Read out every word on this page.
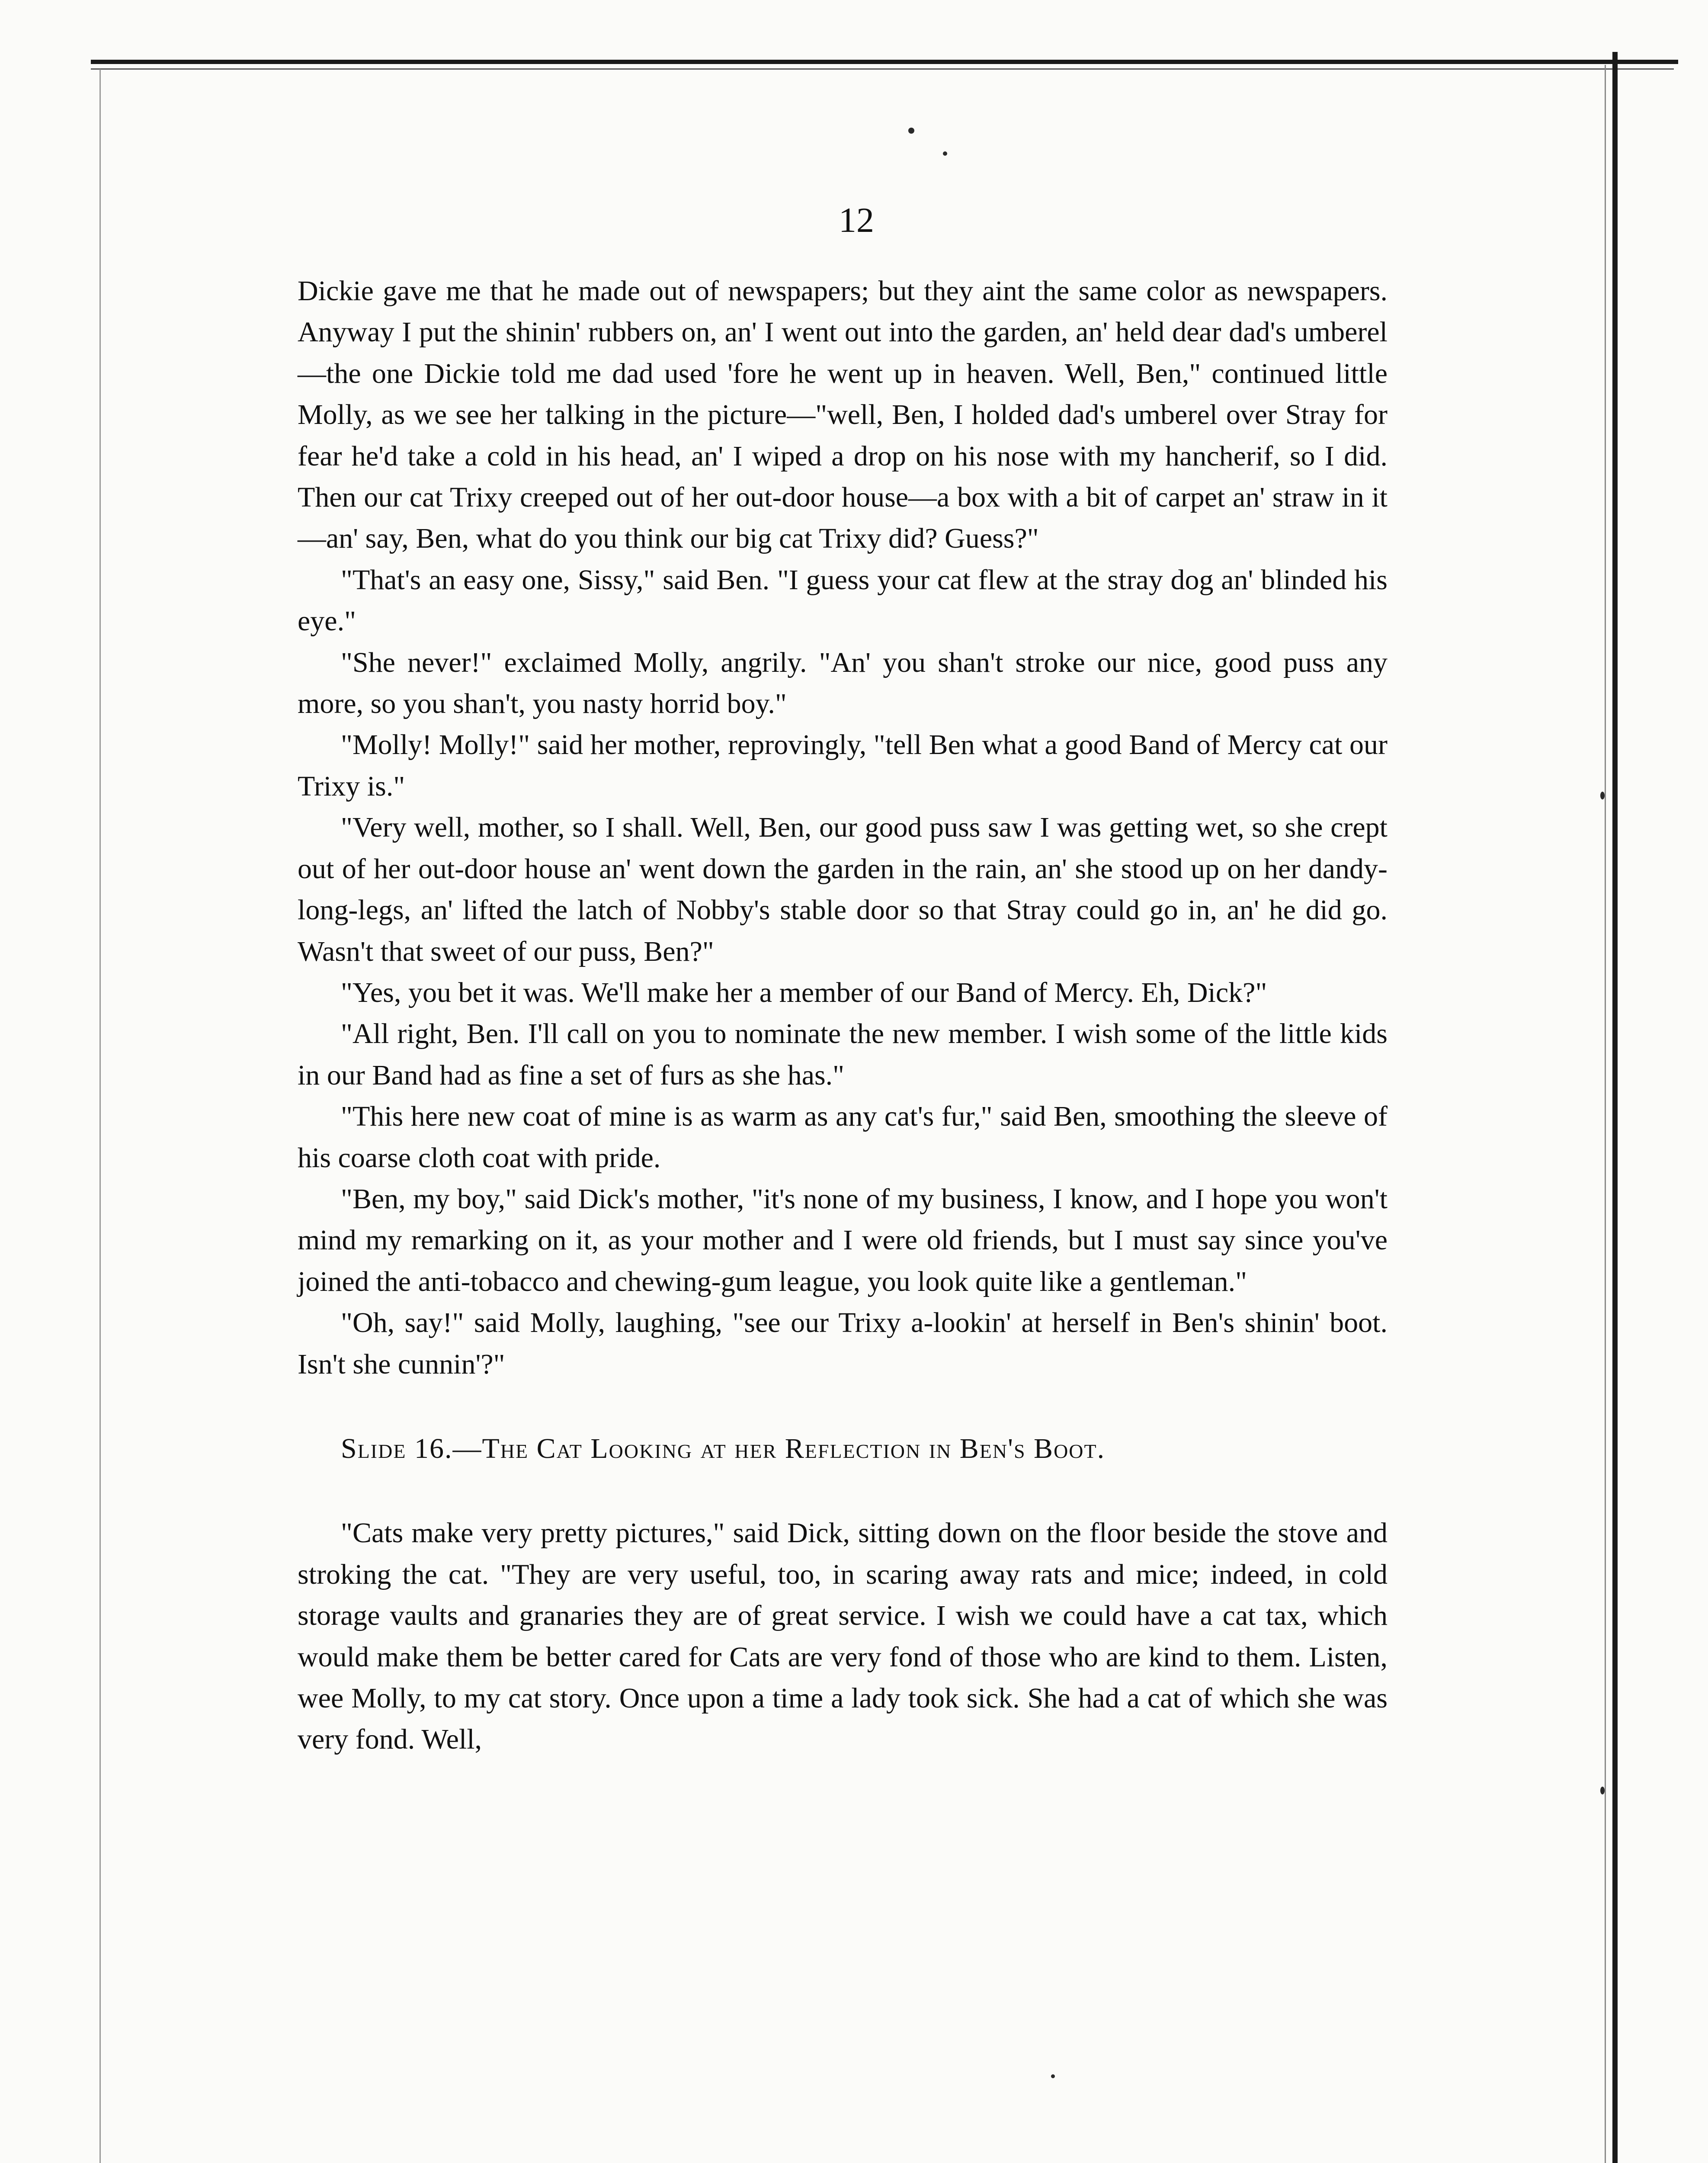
12

Dickie gave me that he made out of newspapers; but they aint the same color as newspapers. Anyway I put the shinin' rubbers on, an' I went out into the garden, an' held dear dad's umberel—the one Dickie told me dad used 'fore he went up in heaven. Well, Ben," continued little Molly, as we see her talking in the picture—"well, Ben, I holded dad's umberel over Stray for fear he'd take a cold in his head, an' I wiped a drop on his nose with my hancherif, so I did. Then our cat Trixy creeped out of her out-door house—a box with a bit of carpet an' straw in it—an' say, Ben, what do you think our big cat Trixy did? Guess?"

"That's an easy one, Sissy," said Ben. "I guess your cat flew at the stray dog an' blinded his eye."

"She never!" exclaimed Molly, angrily. "An' you shan't stroke our nice, good puss any more, so you shan't, you nasty horrid boy."

"Molly! Molly!" said her mother, reprovingly, "tell Ben what a good Band of Mercy cat our Trixy is."

"Very well, mother, so I shall. Well, Ben, our good puss saw I was getting wet, so she crept out of her out-door house an' went down the garden in the rain, an' she stood up on her dandy-long-legs, an' lifted the latch of Nobby's stable door so that Stray could go in, an' he did go. Wasn't that sweet of our puss, Ben?"

"Yes, you bet it was. We'll make her a member of our Band of Mercy. Eh, Dick?"

"All right, Ben. I'll call on you to nominate the new member. I wish some of the little kids in our Band had as fine a set of furs as she has."

"This here new coat of mine is as warm as any cat's fur," said Ben, smoothing the sleeve of his coarse cloth coat with pride.

"Ben, my boy," said Dick's mother, "it's none of my business, I know, and I hope you won't mind my remarking on it, as your mother and I were old friends, but I must say since you've joined the anti-tobacco and chewing-gum league, you look quite like a gentleman."

"Oh, say!" said Molly, laughing, "see our Trixy a-lookin' at herself in Ben's shinin' boot. Isn't she cunnin'?"

Slide 16.—The Cat Looking at her Reflection in Ben's Boot.

"Cats make very pretty pictures," said Dick, sitting down on the floor beside the stove and stroking the cat. "They are very useful, too, in scaring away rats and mice; indeed, in cold storage vaults and granaries they are of great service. I wish we could have a cat tax, which would make them be better cared for Cats are very fond of those who are kind to them. Listen, wee Molly, to my cat story. Once upon a time a lady took sick. She had a cat of which she was very fond. Well,
